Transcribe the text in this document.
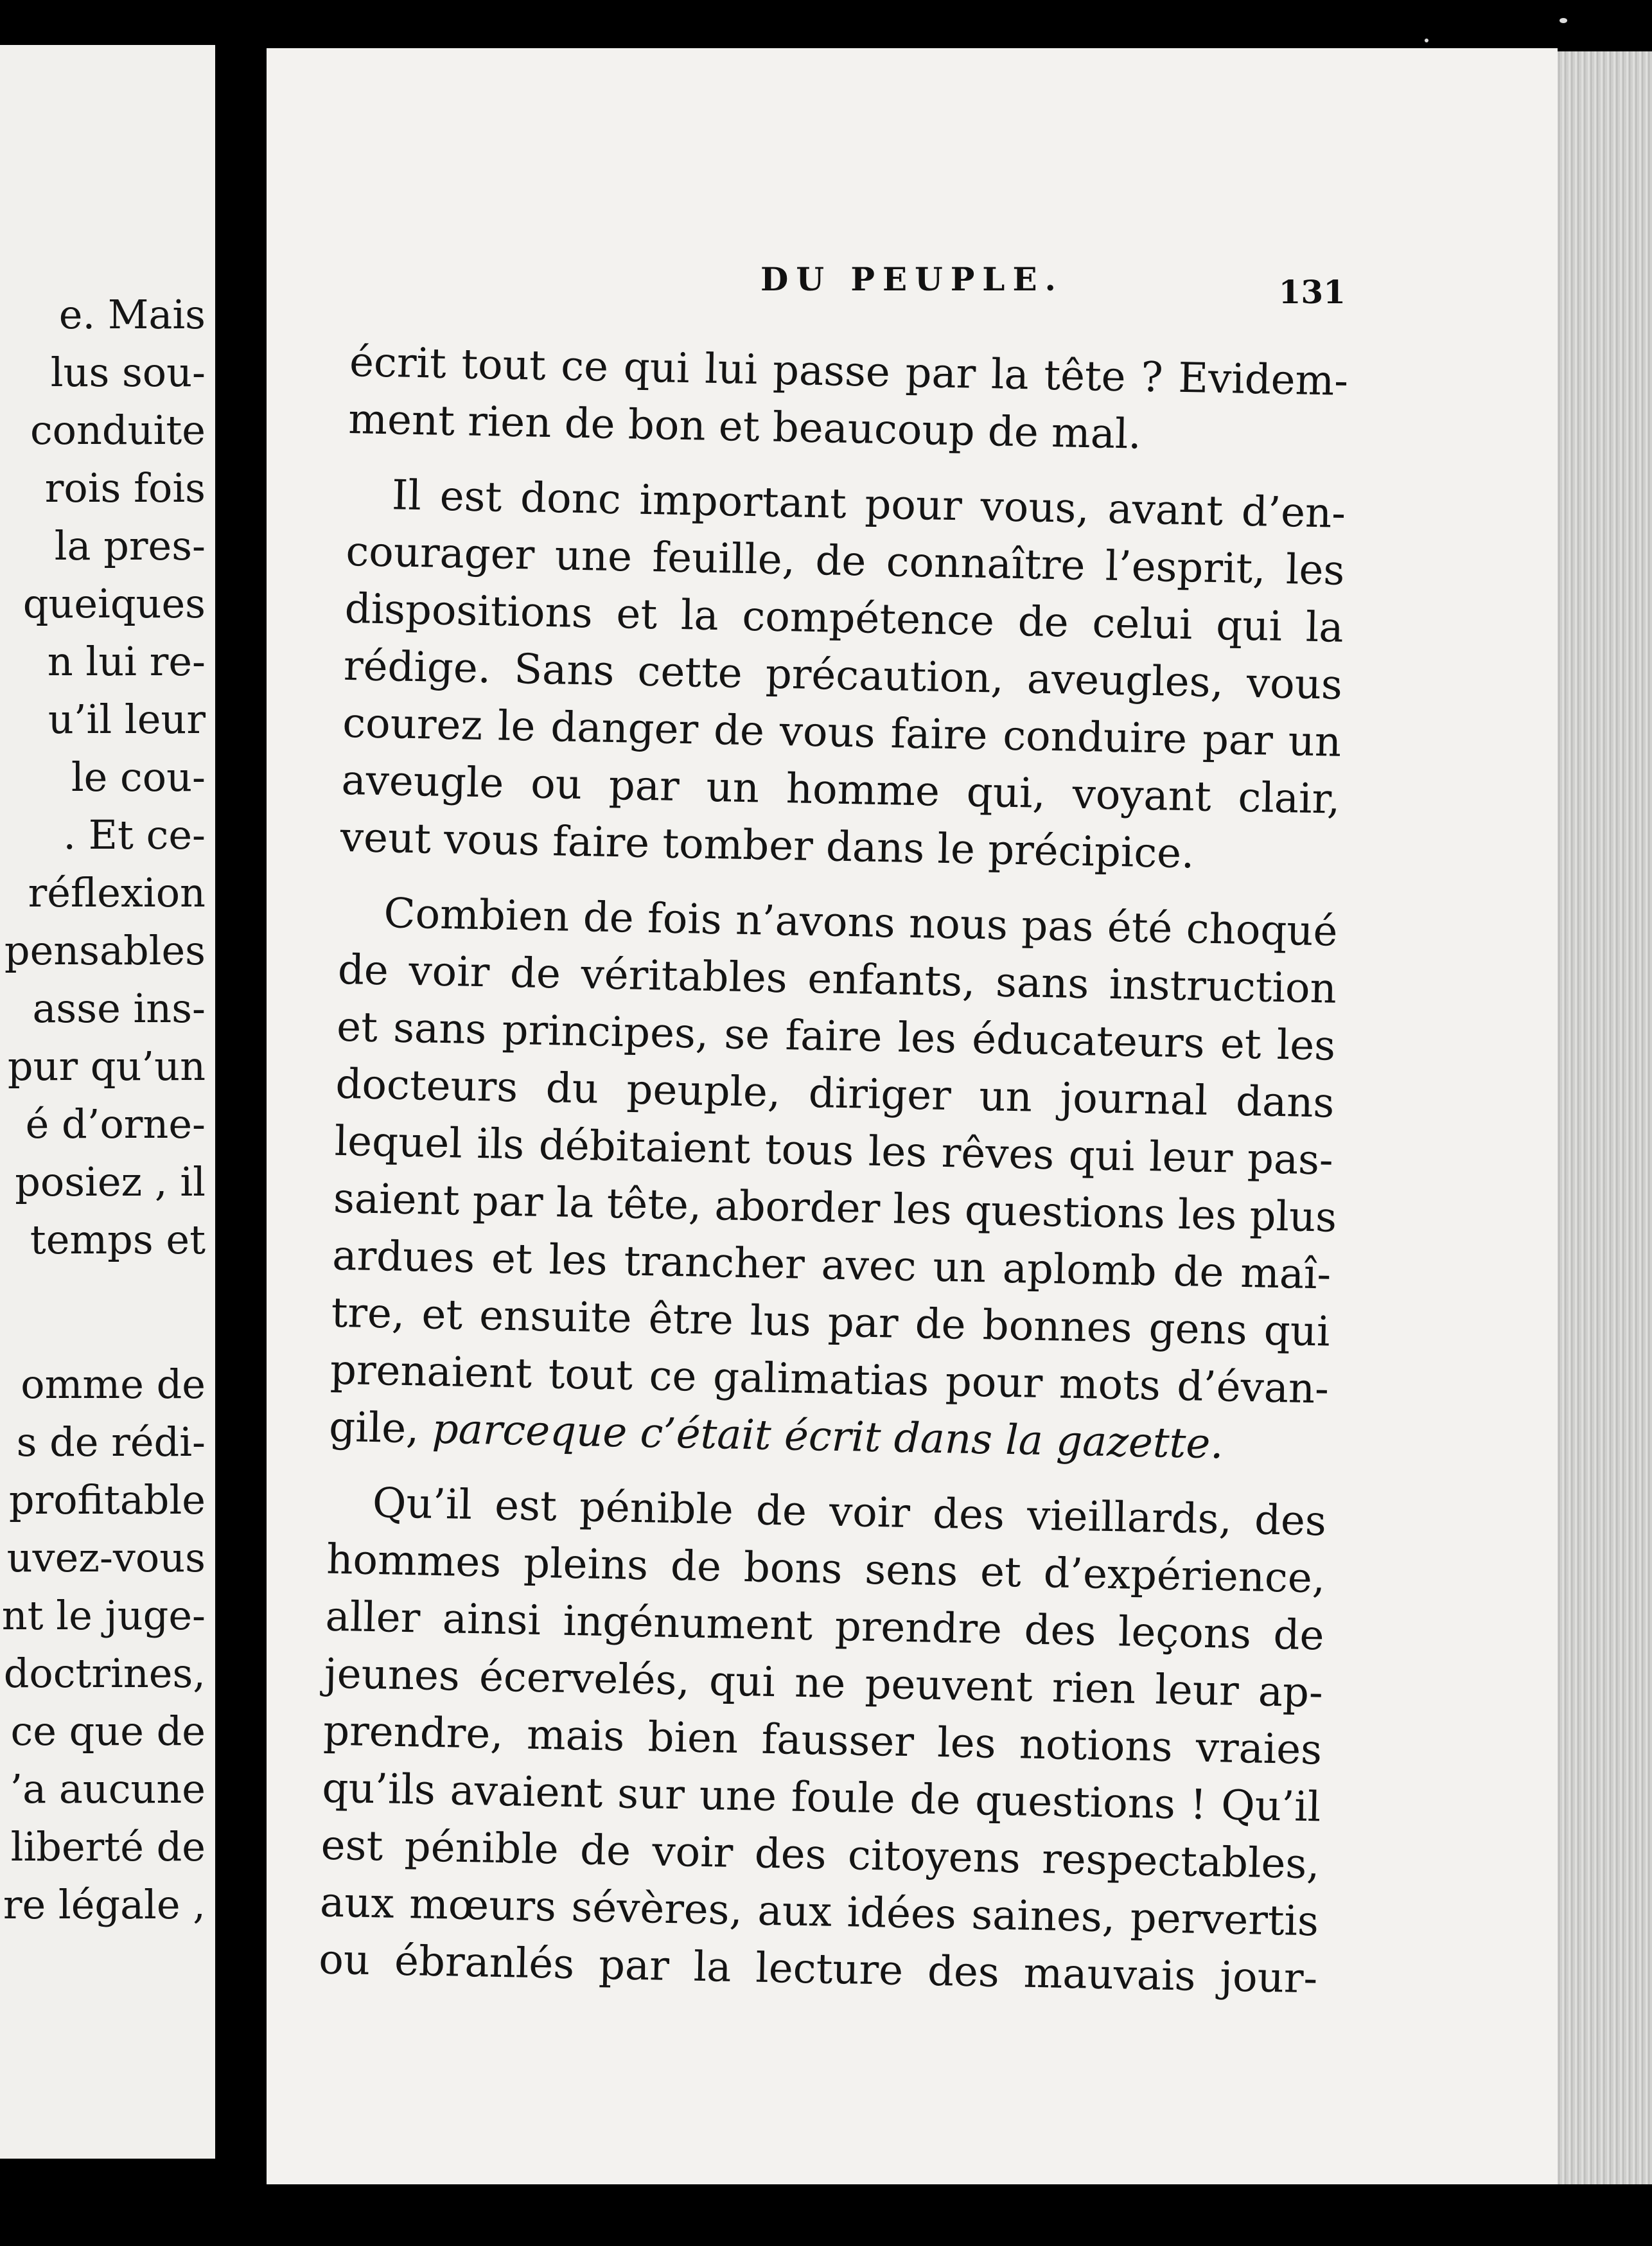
e. Mais
lus sou-
conduite
rois fois
la pres-
queiques
n lui re-
u’il leur
le cou-
. Et ce-
réflexion
pensables
asse ins-
pur qu’un
é d’orne-
posiez , il
temps et
omme de
s de rédi-
profitable
uvez-vous
nt le juge-
doctrines,
ce que de
’a aucune
liberté de
re légale ,
DU PEUPLE.	131
écrit tout ce qui lui passe par la tête ? Evidem-
ment rien de bon et beaucoup de mal.
Il est donc important pour vous, avant d’en-
courager une feuille, de connaître l’esprit, les
dispositions et la compétence de celui qui la
rédige. Sans cette précaution, aveugles, vous
courez le danger de vous faire conduire par un
aveugle ou par un homme qui, voyant clair,
veut vous faire tomber dans le précipice.
Combien de fois n’avons nous pas été choqué
de voir de véritables enfants, sans instruction
et sans principes, se faire les éducateurs et les
docteurs du peuple, diriger un journal dans
lequel ils débitaient tous les rêves qui leur pas-
saient par la tête, aborder les questions les plus
ardues et les trancher avec un aplomb de maî-
tre, et ensuite être lus par de bonnes gens qui
prenaient tout ce galimatias pour mots d’évan-
gile, parceque c’était écrit dans la gazette.
Qu’il est pénible de voir des vieillards, des
hommes pleins de bons sens et d’expérience,
aller ainsi ingénument prendre des leçons de
jeunes écervelés, qui ne peuvent rien leur ap-
prendre, mais bien fausser les notions vraies
qu’ils avaient sur une foule de questions ! Qu’il
est pénible de voir des citoyens respectables,
aux mœurs sévères, aux idées saines, pervertis
ou ébranlés par la lecture des mauvais jour-
